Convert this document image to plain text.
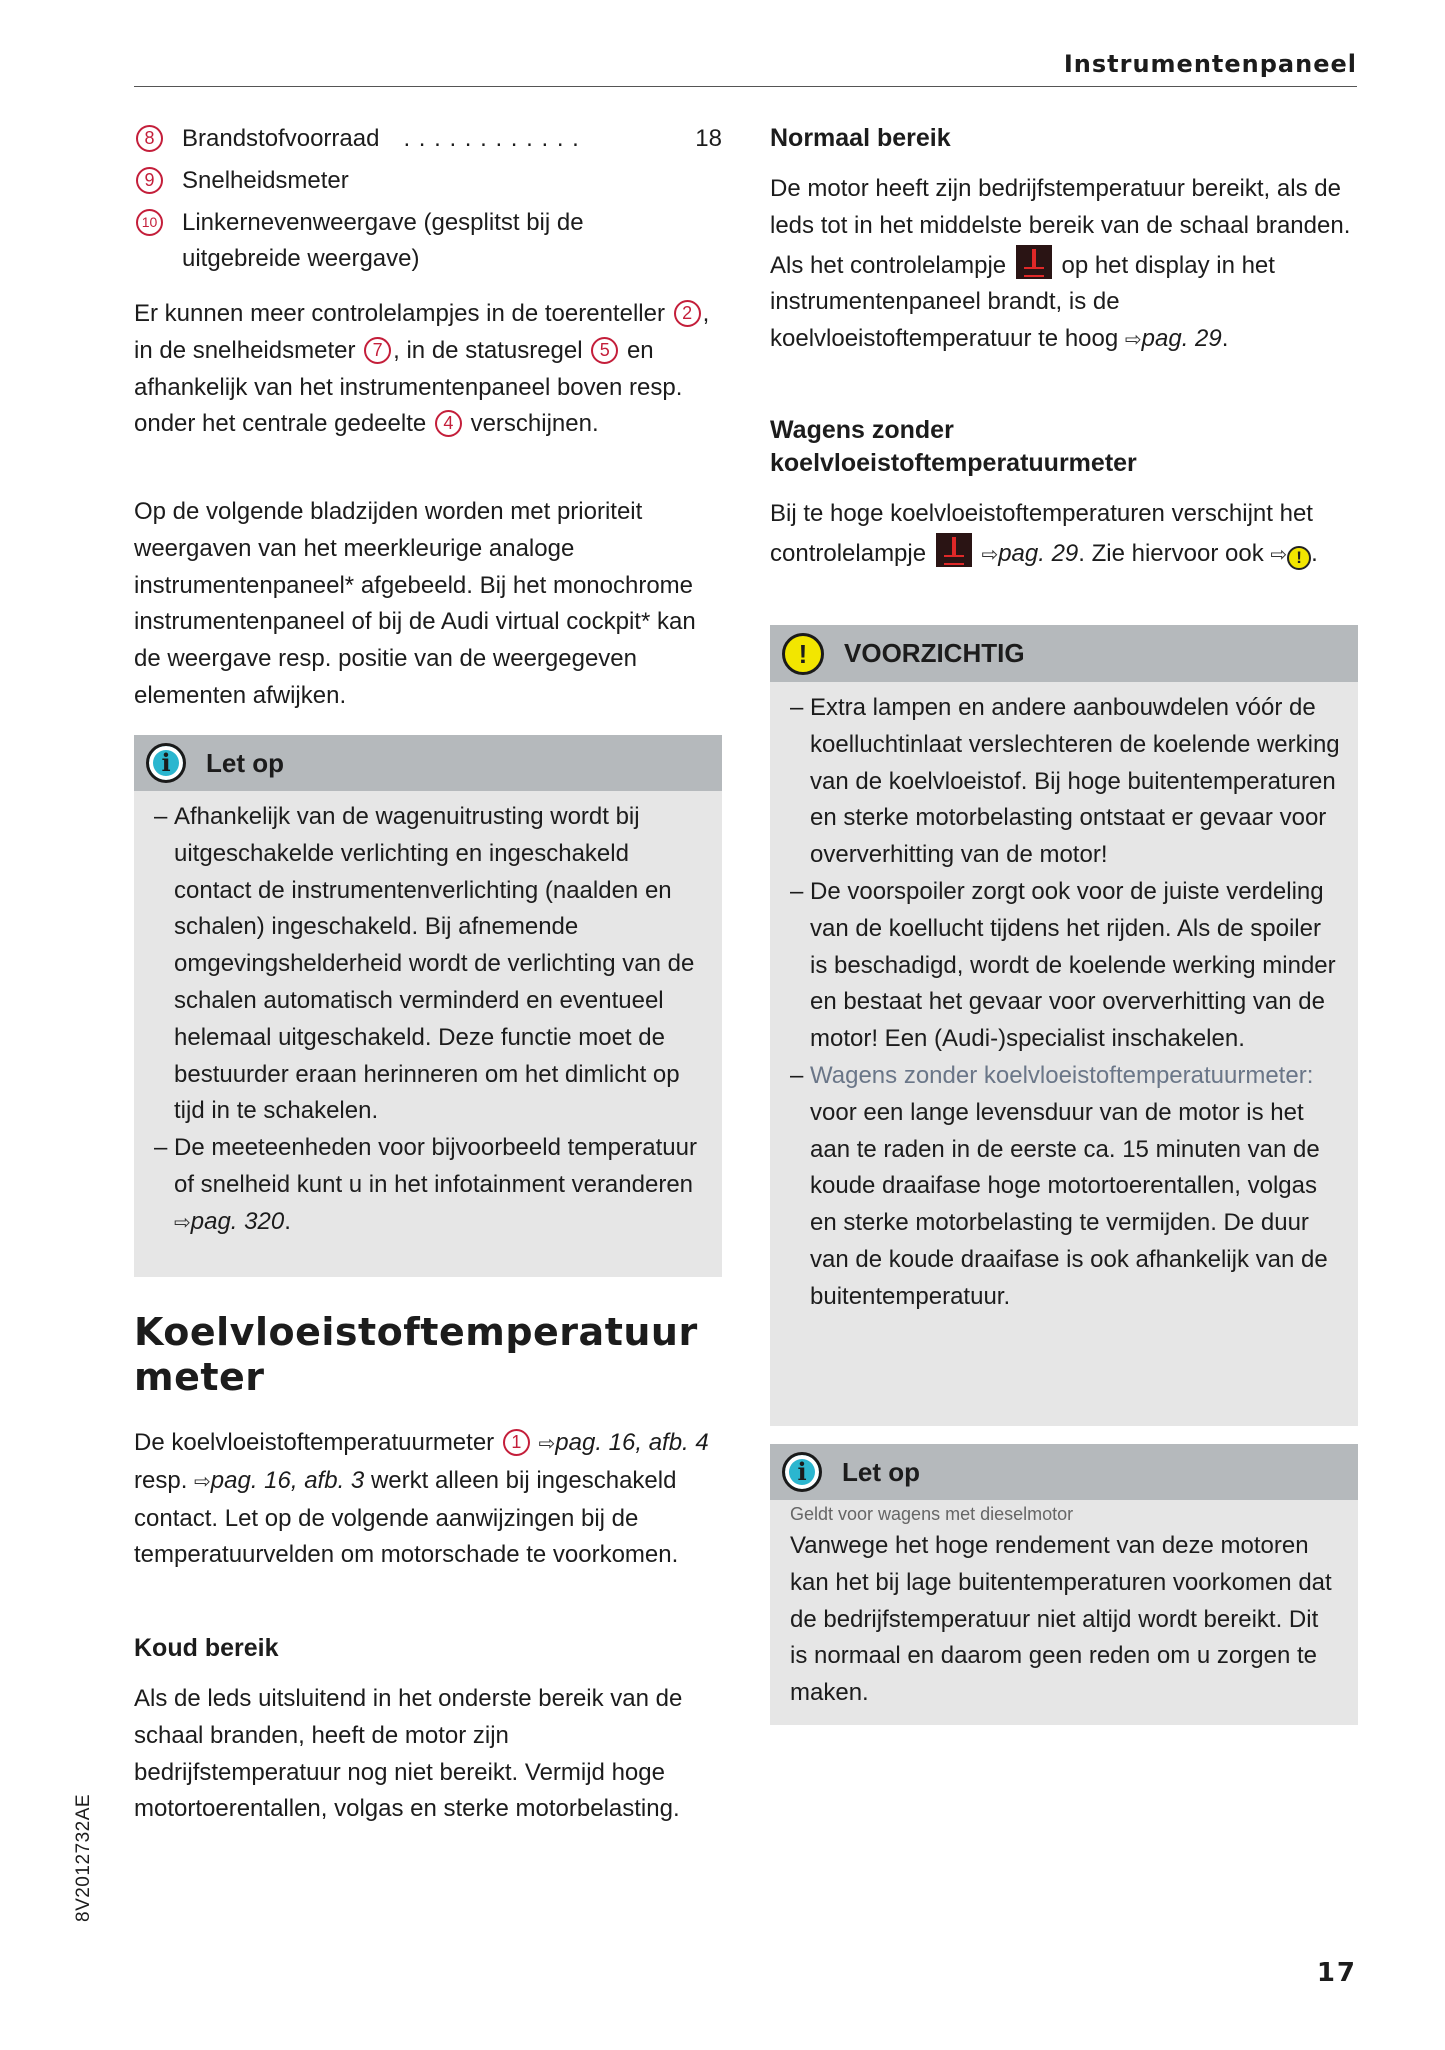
Instrumentenpaneel
8	Brandstofvoorraad . . . . . . . . . . . .	18
9	Snelheidsmeter
10 Linkernevenweergave (gesplitst bij de uitgebreide weergave)

Er kunnen meer controlelampjes in de toerenteller 2 , in de snelheidsmeter 7 , in de statusregel 5 en afhankelijk van het instrumentenpaneel boven resp. onder het centrale gedeelte 4 verschijnen.

Op de volgende bladzijden worden met prioriteit weergaven van het meerkleurige analoge instrumentenpaneel* afgebeeld. Bij het monochrome instrumentenpaneel of bij de Audi virtual cockpit* kan de weergave resp. positie van de weergegeven elementen afwijken.

i	Let op
– Afhankelijk van de wagenuitrusting wordt bij uitgeschakelde verlichting en ingeschakeld contact de instrumentenverlichting (naalden en schalen) ingeschakeld. Bij afnemende omgevingshelderheid wordt de verlichting van de schalen automatisch verminderd en eventueel helemaal uitgeschakeld. Deze functie moet de bestuurder eraan herinneren om het dimlicht op tijd in te schakelen.
– De meeteenheden voor bijvoorbeeld temperatuur of snelheid kunt u in het infotainment veranderen ⇨pag. 320.
Koelvloeistoftemperatuurmeter

De koelvloeistoftemperatuurmeter 1 ⇨pag. 16, afb. 4 resp. ⇨pag. 16, afb. 3 werkt alleen bij ingeschakeld contact. Let op de volgende aanwijzingen bij de temperatuurvelden om motorschade te voorkomen.

Koud bereik

Als de leds uitsluitend in het onderste bereik van de schaal branden, heeft de motor zijn bedrijfstemperatuur nog niet bereikt. Vermijd hoge motortoerentallen, volgas en sterke motorbelasting.

Normaal bereik

De motor heeft zijn bedrijfstemperatuur bereikt, als de leds tot in het middelste bereik van de schaal branden. Als het controlelampje op het display in het instrumentenpaneel brandt, is de koelvloeistoftemperatuur te hoog ⇨pag. 29.

Wagens zonder koelvloeistoftemperatuurmeter

Bij te hoge koelvloeistoftemperaturen verschijnt het controlelampje	⇨pag. 29. Zie hiervoor ook ⇨ ! .

!	VOORZICHTIG
– Extra lampen en andere aanbouwdelen vóór de koelluchtinlaat verslechteren de koelende werking van de koelvloeistof. Bij hoge buitentemperaturen en sterke motorbelasting ontstaat er gevaar voor oververhitting van de motor!
– De voorspoiler zorgt ook voor de juiste verdeling van de koellucht tijdens het rijden. Als de spoiler is beschadigd, wordt de koelende werking minder en bestaat het gevaar voor oververhitting van de motor! Een (Audi-)specialist inschakelen.
– Wagens zonder koelvloeistoftemperatuurmeter: voor een lange levensduur van de motor is het aan te raden in de eerste ca. 15 minuten van de koude draaifase hoge motortoerentallen, volgas en sterke motorbelasting te vermijden. De duur van de koude draaifase is ook afhankelijk van de buitentemperatuur.
i	Let op
Geldt voor wagens met dieselmotor

Vanwege het hoge rendement van deze motoren kan het bij lage buitentemperaturen voorkomen dat de bedrijfstemperatuur niet altijd wordt bereikt. Dit is normaal en daarom geen reden om u zorgen te maken.

8V2012732AE
17
